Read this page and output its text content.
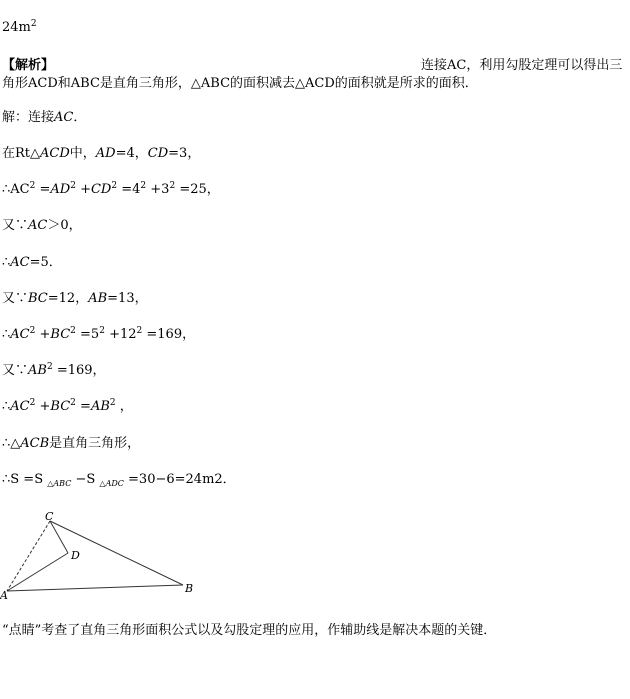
$24m^2$
【解析】	连接AC，利用勾股定理可以得出三
角形ACD和ABC是直角三角形，△ABC的面积减去△ACD的面积就是所求的面积．
解：连接AC．
在Rt△ACD中，AD=4，CD=3，
$\therefore AC^2 =AD^2 +CD^2 =4^2 +3^2 =25$，
又∵AC＞0，
∴AC=5．
又∵BC=12，AB=13，
$\therefore AC^2 +BC^2 =5^2 +12^2 =169$，
又$\because AB^2 =169$，
$\therefore AC^2 +BC^2 =AB^2$ ，
∴△ACB是直角三角形，
∴S =S $_{\triangle ABC}$ −S $_{\triangle ADC}$ =30−6=24m2．
C
D
A
B
“点睛”考查了直角三角形面积公式以及勾股定理的应用，作辅助线是解决本题的关键．
